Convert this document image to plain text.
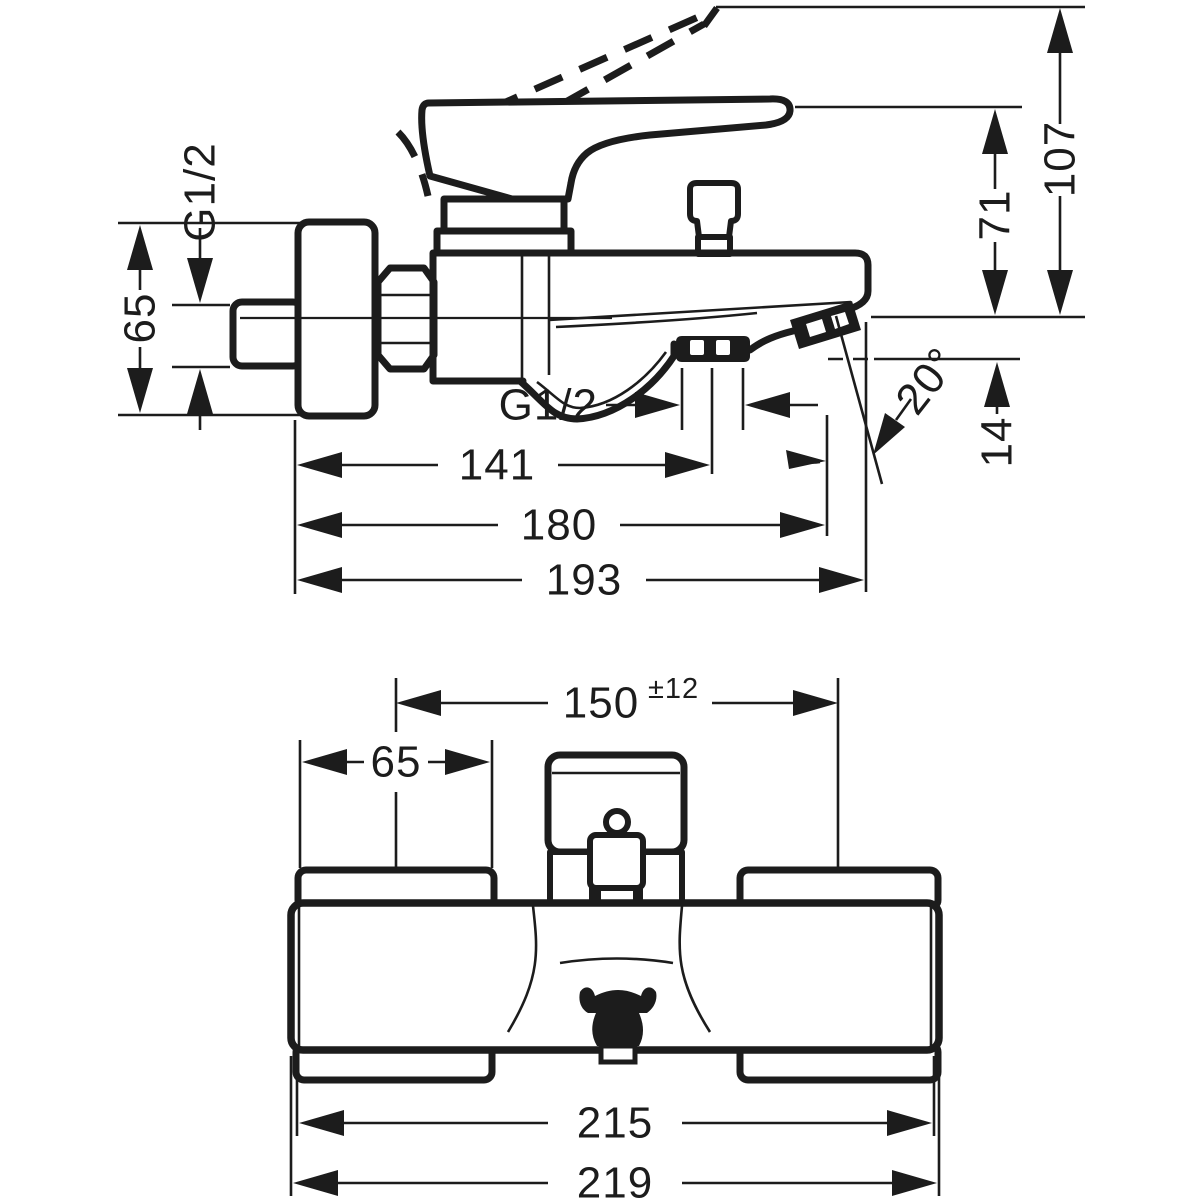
65
G1/2	107
71
14
20°
G1/2
141
180
193
150 ±12
65
215
219
